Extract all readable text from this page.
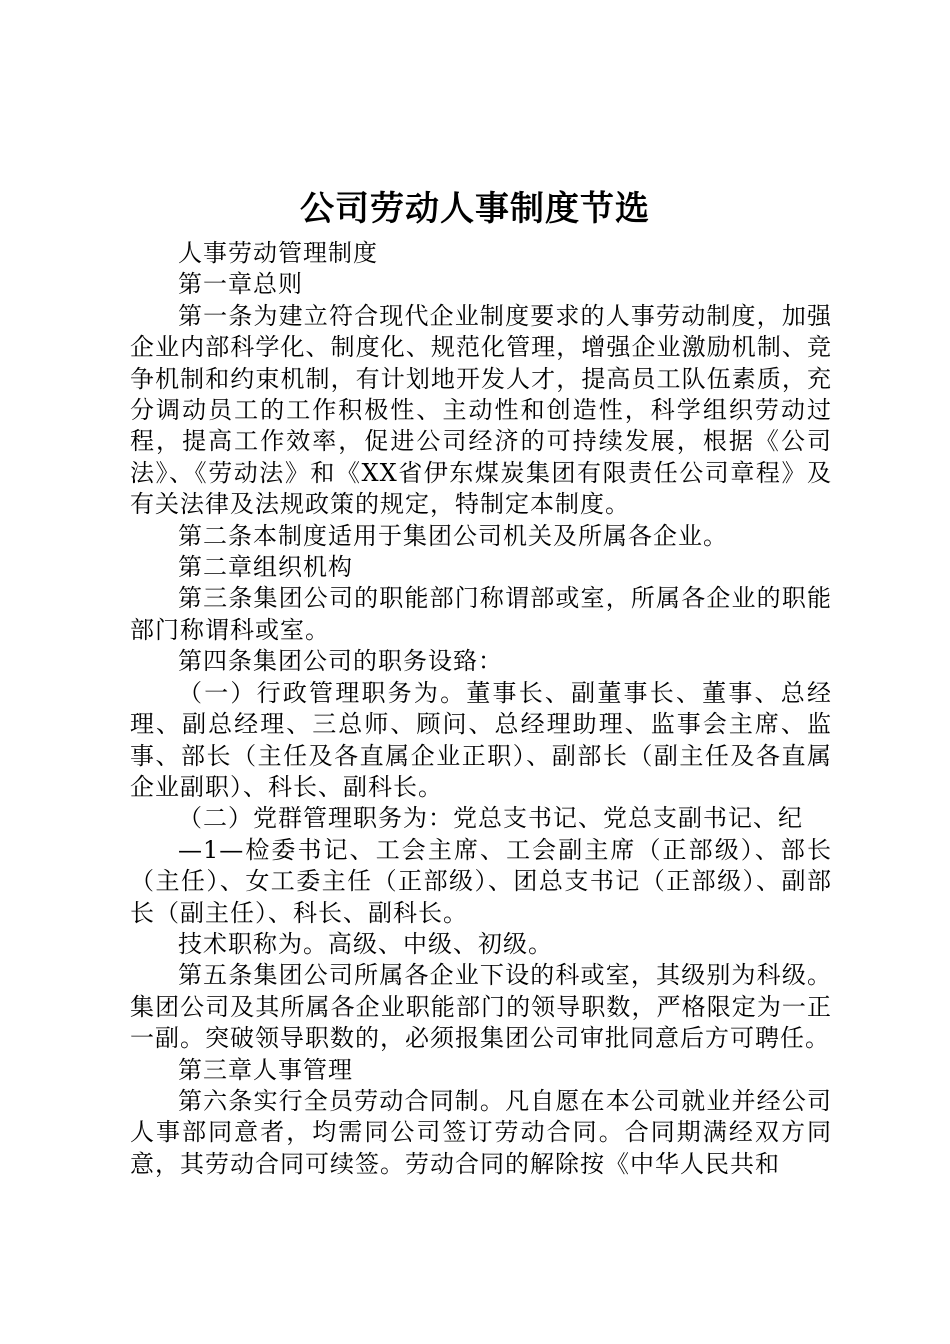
公司劳动人事制度节选

人事劳动管理制度

第一章总则

第一条为建立符合现代企业制度要求的人事劳动制度，加强企业内部科学化、制度化、规范化管理，增强企业激励机制、竞争机制和约束机制，有计划地开发人才，提高员工队伍素质，充分调动员工的工作积极性、主动性和创造性，科学组织劳动过程，提高工作效率，促进公司经济的可持续发展，根据《公司法》、《劳动法》和《XX省伊东煤炭集团有限责任公司章程》及有关法律及法规政策的规定，特制定本制度。

第二条本制度适用于集团公司机关及所属各企业。

第二章组织机构

第三条集团公司的职能部门称谓部或室，所属各企业的职能部门称谓科或室。

第四条集团公司的职务设臵：

（一）行政管理职务为。董事长、副董事长、董事、总经理、副总经理、三总师、顾问、总经理助理、监事会主席、监事、部长（主任及各直属企业正职）、副部长（副主任及各直属企业副职）、科长、副科长。

（二）党群管理职务为：党总支书记、党总支副书记、纪

—1—检委书记、工会主席、工会副主席（正部级）、部长（主任）、女工委主任（正部级）、团总支书记（正部级）、副部长（副主任）、科长、副科长。

技术职称为。高级、中级、初级。

第五条集团公司所属各企业下设的科或室，其级别为科级。集团公司及其所属各企业职能部门的领导职数，严格限定为一正一副。突破领导职数的，必须报集团公司审批同意后方可聘任。

第三章人事管理

第六条实行全员劳动合同制。凡自愿在本公司就业并经公司人事部同意者，均需同公司签订劳动合同。合同期满经双方同意，其劳动合同可续签。劳动合同的解除按《中华人民共和
